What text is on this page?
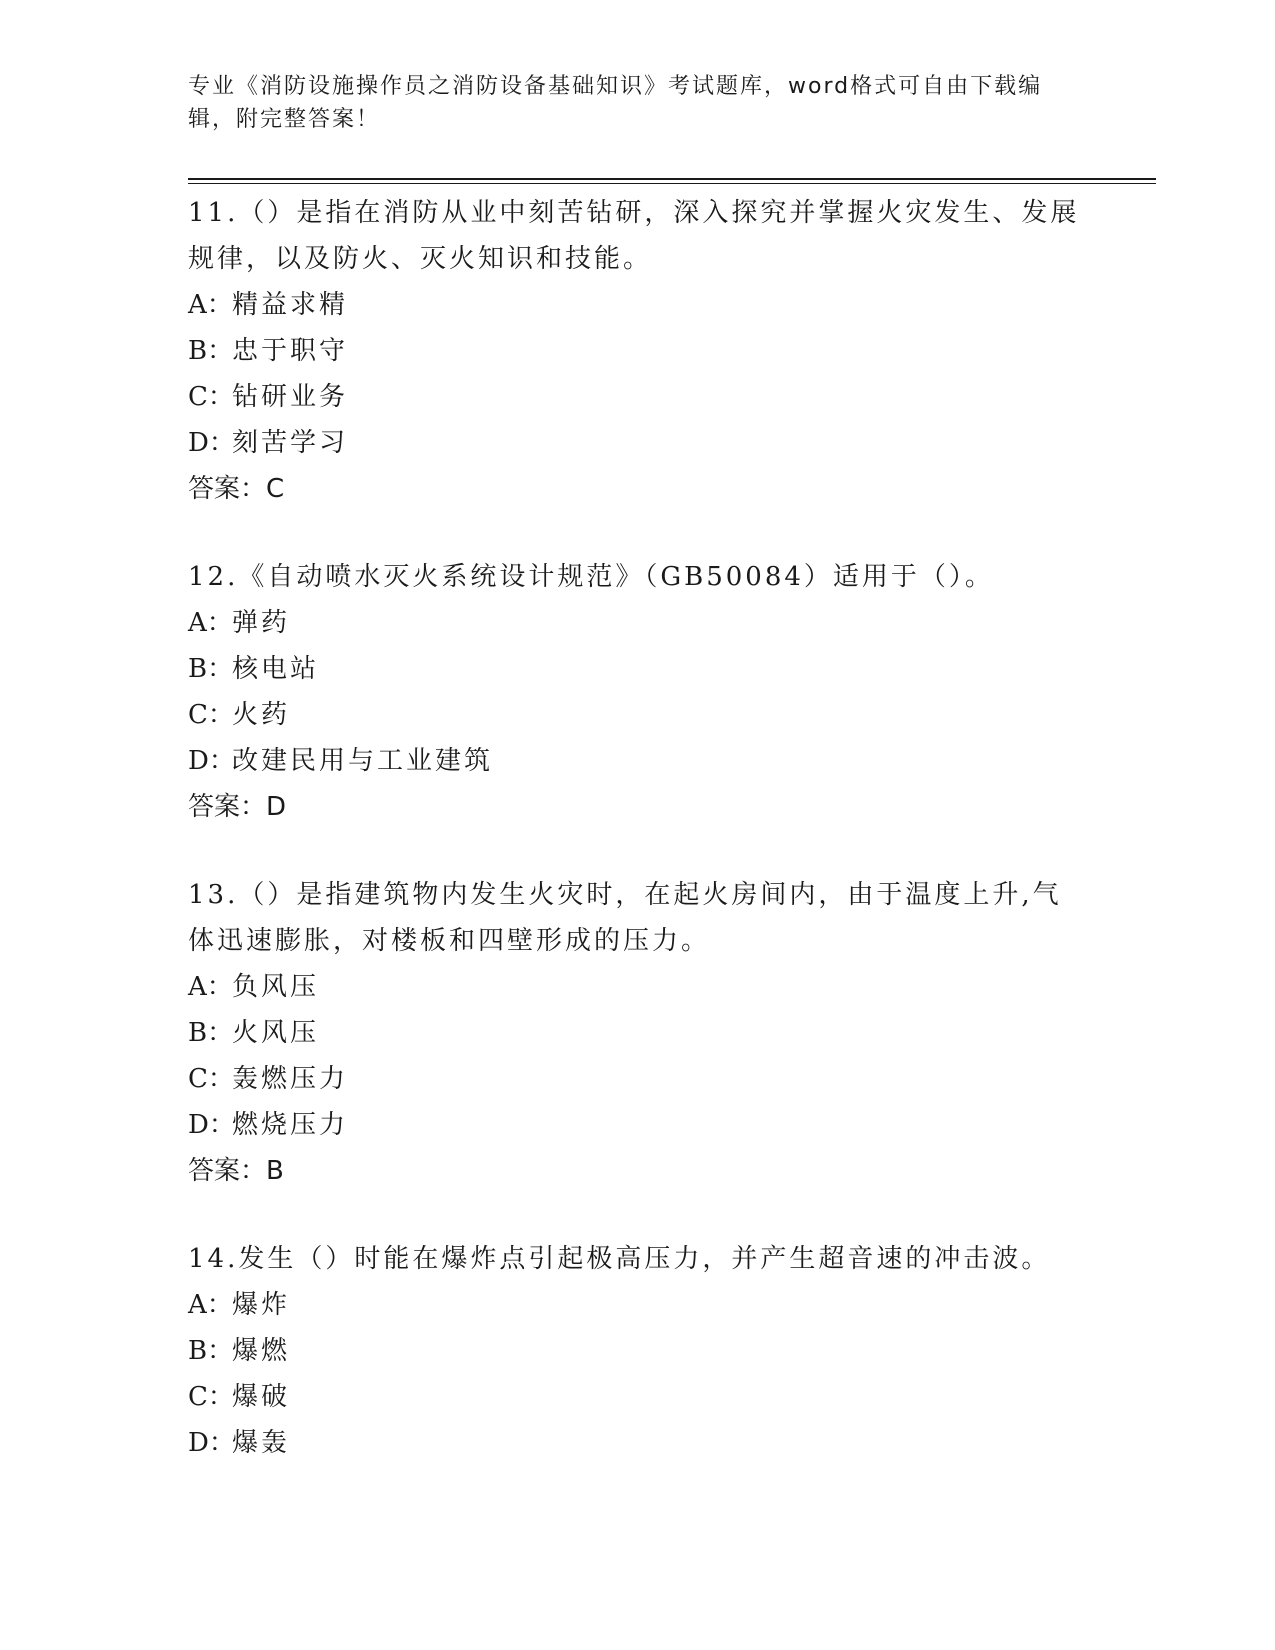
专业《消防设施操作员之消防设备基础知识》考试题库，word格式可自由下载编
辑，附完整答案！
11.（）是指在消防从业中刻苦钻研，深入探究并掌握火灾发生、发展
规律，以及防火、灭火知识和技能。
A：精益求精
B：忠于职守
C：钻研业务
D：刻苦学习
答案：C
12.《自动喷水灭火系统设计规范》（GB50084）适用于（）。
A：弹药
B：核电站
C：火药
D：改建民用与工业建筑
答案：D
13.（）是指建筑物内发生火灾时，在起火房间内，由于温度上升,气
体迅速膨胀，对楼板和四壁形成的压力。
A：负风压
B：火风压
C：轰燃压力
D：燃烧压力
答案：B
14.发生（）时能在爆炸点引起极高压力，并产生超音速的冲击波。
A：爆炸
B：爆燃
C：爆破
D：爆轰
